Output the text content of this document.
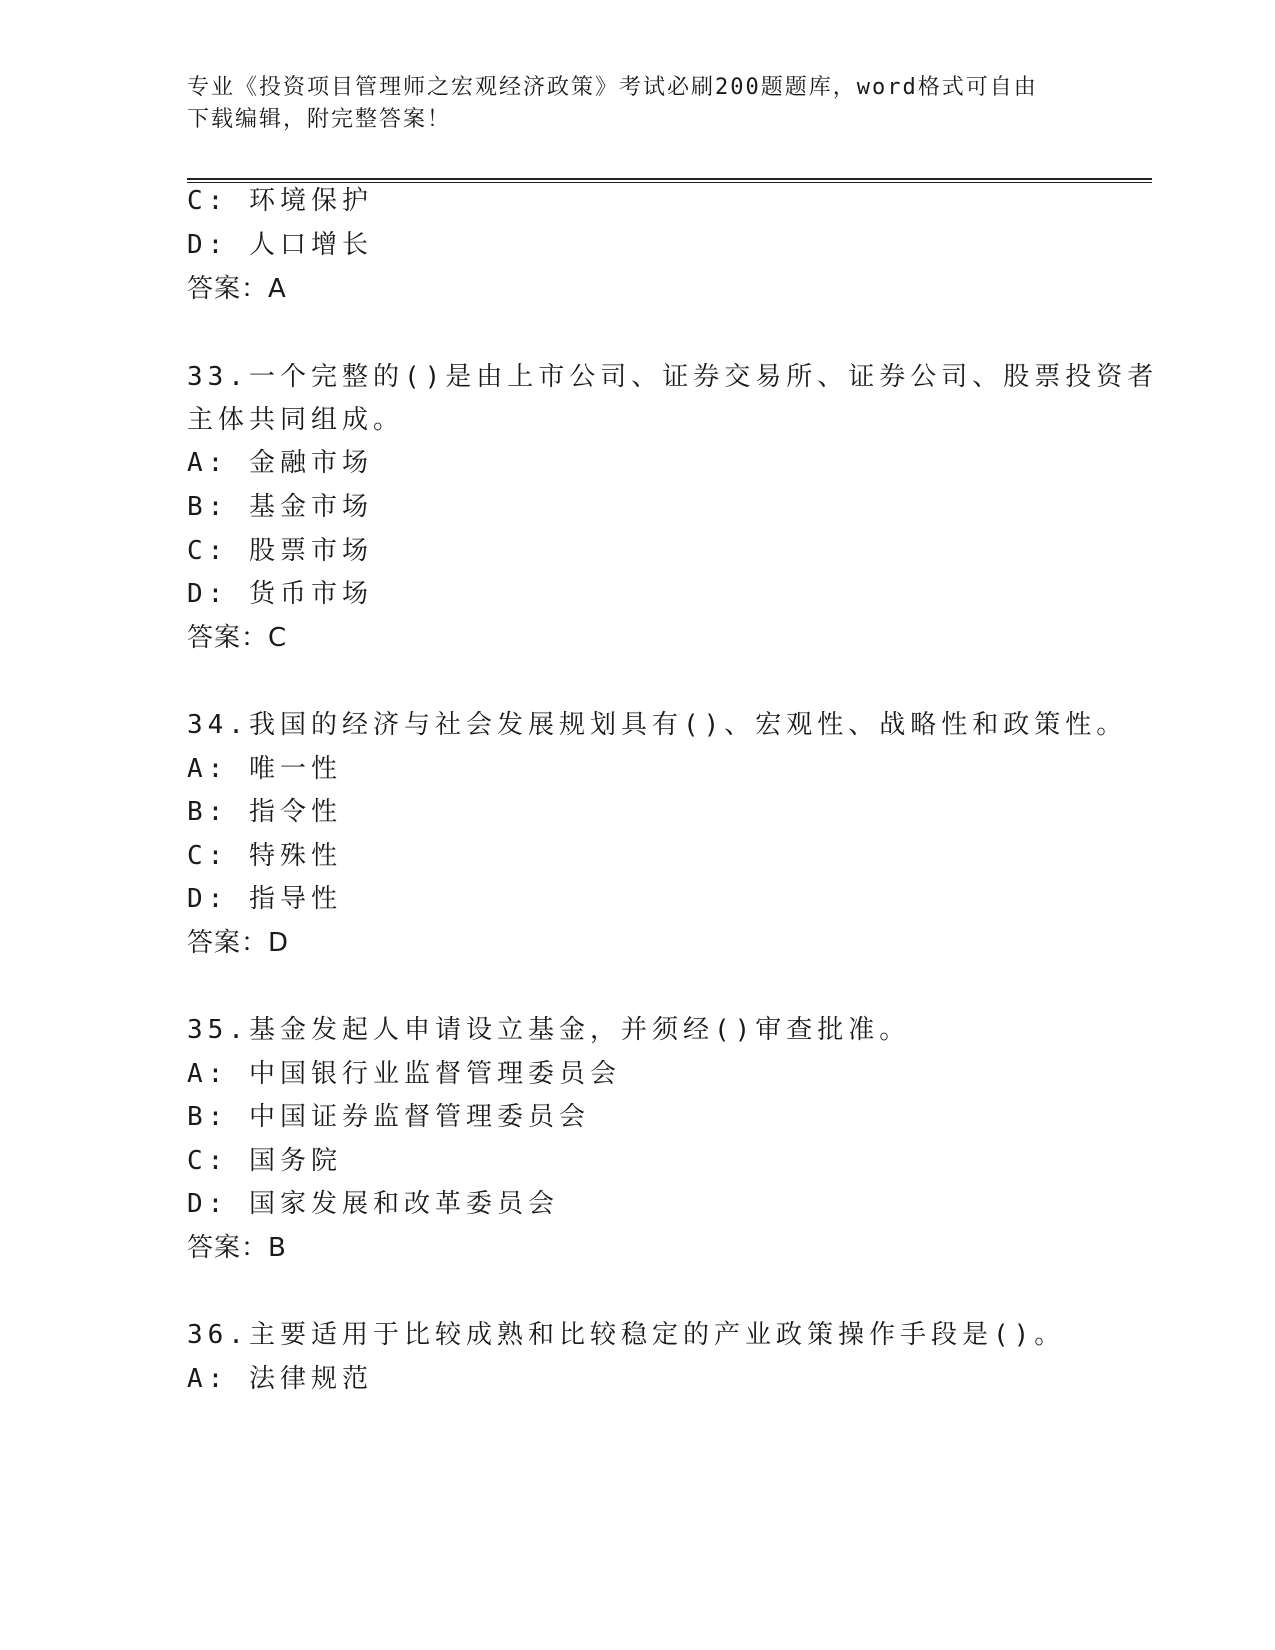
专业《投资项目管理师之宏观经济政策》考试必刷200题题库，word格式可自由
下载编辑，附完整答案！
C: 环境保护
D: 人口增长
答案：A
33.一个完整的()是由上市公司、证券交易所、证券公司、股票投资者
主体共同组成。
A: 金融市场
B: 基金市场
C: 股票市场
D: 货币市场
答案：C
34.我国的经济与社会发展规划具有()、宏观性、战略性和政策性。
A: 唯一性
B: 指令性
C: 特殊性
D: 指导性
答案：D
35.基金发起人申请设立基金，并须经()审查批准。
A: 中国银行业监督管理委员会
B: 中国证券监督管理委员会
C: 国务院
D: 国家发展和改革委员会
答案：B
36.主要适用于比较成熟和比较稳定的产业政策操作手段是()。
A: 法律规范
